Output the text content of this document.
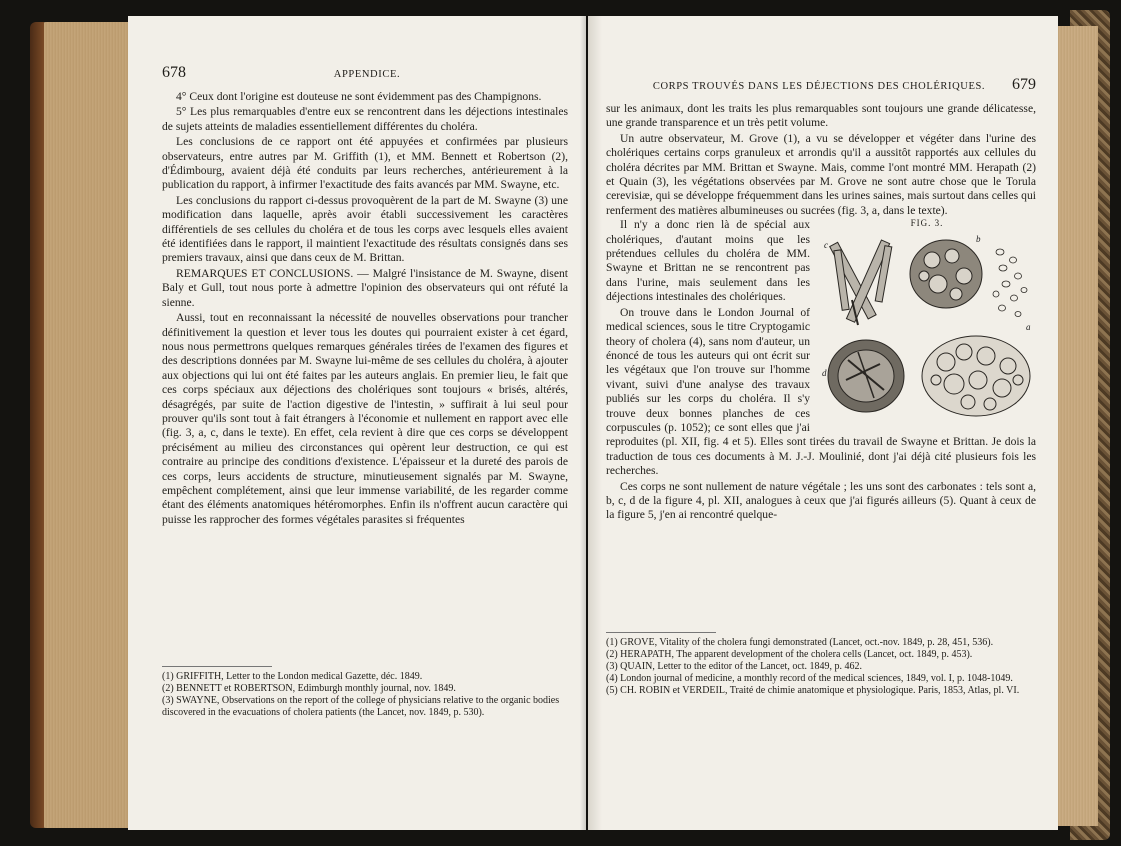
678	APPENDICE.

4° Ceux dont l'origine est douteuse ne sont évidemment pas des Champignons.

5° Les plus remarquables d'entre eux se rencontrent dans les déjections intestinales de sujets atteints de maladies essentiellement différentes du choléra.

Les conclusions de ce rapport ont été appuyées et confirmées par plusieurs observateurs, entre autres par M. Griffith (1), et MM. Bennett et Robertson (2), d'Édimbourg, avaient déjà été conduits par leurs recherches, antérieurement à la publication du rapport, à infirmer l'exactitude des faits avancés par MM. Swayne, etc.

Les conclusions du rapport ci-dessus provoquèrent de la part de M. Swayne (3) une modification dans laquelle, après avoir établi successivement les caractères différentiels de ses cellules du choléra et de tous les corps avec lesquels elles avaient été identifiées dans le rapport, il maintient l'exactitude des résultats consignés dans ses premiers travaux, ainsi que dans ceux de M. Brittan.

REMARQUES ET CONCLUSIONS. — Malgré l'insistance de M. Swayne, disent Baly et Gull, tout nous porte à admettre l'opinion des observateurs qui ont réfuté la sienne.

Aussi, tout en reconnaissant la nécessité de nouvelles observations pour trancher définitivement la question et lever tous les doutes qui pourraient exister à cet égard, nous nous permettrons quelques remarques générales tirées de l'examen des figures et des descriptions données par M. Swayne lui-même de ses cellules du choléra, à ajouter aux objections qui lui ont été faites par les auteurs anglais. En premier lieu, le fait que ces corps spéciaux aux déjections des cholériques sont toujours « brisés, altérés, désagrégés, par suite de l'action digestive de l'intestin, » suffirait à lui seul pour prouver qu'ils sont tout à fait étrangers à l'économie et nullement en rapport avec elle (fig. 3, a, c, dans le texte). En effet, cela revient à dire que ces corps se développent précisément au milieu des circonstances qui opèrent leur destruction, ce qui est contraire au principe des conditions d'existence. L'épaisseur et la dureté des parois de ces corps, leurs accidents de structure, minutieusement signalés par M. Swayne, empêchent complétement, ainsi que leur immense variabilité, de les regarder comme étant des éléments anatomiques hétéromorphes. Enfin ils n'offrent aucun caractère qui puisse les rapprocher des formes végétales parasites si fréquentes

(1) GRIFFITH, Letter to the London medical Gazette, déc. 1849.
(2) BENNETT et ROBERTSON, Edimburgh monthly journal, nov. 1849.
(3) SWAYNE, Observations on the report of the college of physicians relative to the organic bodies discovered in the evacuations of cholera patients (the Lancet, nov. 1849, p. 530).
CORPS TROUVÉS DANS LES DÉJECTIONS DES CHOLÉRIQUES. 679

sur les animaux, dont les traits les plus remarquables sont toujours une grande délicatesse, une grande transparence et un très petit volume.

Un autre observateur, M. Grove (1), a vu se développer et végéter dans l'urine des cholériques certains corps granuleux et arrondis qu'il a aussitôt rapportés aux cellules du choléra décrites par MM. Brittan et Swayne. Mais, comme l'ont montré MM. Herapath (2) et Quain (3), les végétations observées par M. Grove ne sont autre chose que le Torula cerevisiæ, qui se développe fréquemment dans les urines saines, mais surtout dans celles qui renferment des matières albumineuses ou sucrées (fig. 3, a, dans le texte).

FIG. 3.
c
b
a
d

Il n'y a donc rien là de spécial aux cholériques, d'autant moins que les prétendues cellules du choléra de MM. Swayne et Brittan ne se rencontrent pas dans l'urine, mais seulement dans les déjections intestinales des cholériques.

On trouve dans le London Journal of medical sciences, sous le titre Cryptogamic theory of cholera (4), sans nom d'auteur, un énoncé de tous les auteurs qui ont écrit sur les végétaux que l'on trouve sur l'homme vivant, suivi d'une analyse des travaux publiés sur les corps du choléra. Il s'y trouve deux bonnes planches de ces corpuscules (p. 1052); ce sont elles que j'ai reproduites (pl. XII, fig. 4 et 5). Elles sont tirées du travail de Swayne et Brittan. Je dois la traduction de tous ces documents à M. J.-J. Moulinié, dont j'ai déjà cité plusieurs fois les recherches.

Ces corps ne sont nullement de nature végétale ; les uns sont des carbonates : tels sont a, b, c, d de la figure 4, pl. XII, analogues à ceux que j'ai figurés ailleurs (5). Quant à ceux de la figure 5, j'en ai rencontré quelque-

(1) GROVE, Vitality of the cholera fungi demonstrated (Lancet, oct.-nov. 1849, p. 28, 451, 536).
(2) HERAPATH, The apparent development of the cholera cells (Lancet, oct. 1849, p. 453).
(3) QUAIN, Letter to the editor of the Lancet, oct. 1849, p. 462.
(4) London journal of medicine, a monthly record of the medical sciences, 1849, vol. I, p. 1048-1049.
(5) CH. ROBIN et VERDEIL, Traité de chimie anatomique et physiologique. Paris, 1853, Atlas, pl. VI.
